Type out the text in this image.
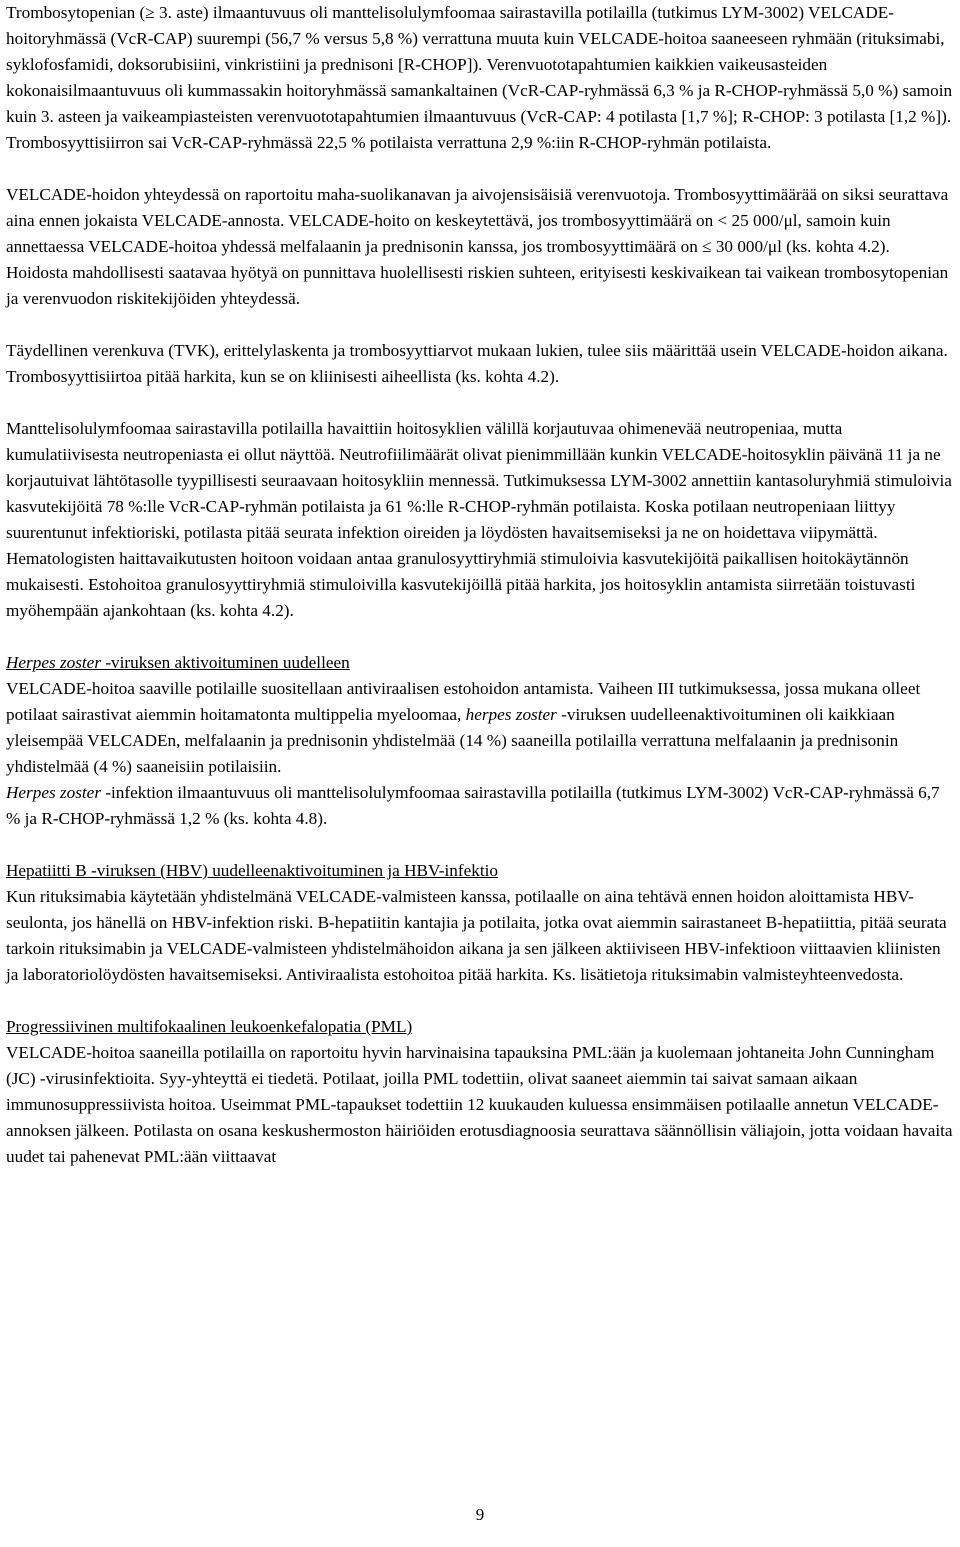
Trombosytopenian (≥ 3. aste) ilmaantuvuus oli manttelisolulymfoomaa sairastavilla potilailla (tutkimus LYM-3002) VELCADE-hoitoryhmässä (VcR-CAP) suurempi (56,7 % versus 5,8 %) verrattuna muuta kuin VELCADE-hoitoa saaneeseen ryhmään (rituksimabi, syklofosfamidi, doksorubisiini, vinkristiini ja prednisoni [R-CHOP]). Verenvuototapahtumien kaikkien vaikeusasteiden kokonaisilmaantuvuus oli kummassakin hoitoryhmässä samankaltainen (VcR-CAP-ryhmässä 6,3 % ja R-CHOP-ryhmässä 5,0 %) samoin kuin 3. asteen ja vaikeampiasteisten verenvuototapahtumien ilmaantuvuus (VcR-CAP: 4 potilasta [1,7 %]; R-CHOP: 3 potilasta [1,2 %]). Trombosyyttisiirron sai VcR-CAP-ryhmässä 22,5 % potilaista verrattuna 2,9 %:iin R-CHOP-ryhmän potilaista.

VELCADE-hoidon yhteydessä on raportoitu maha-suolikanavan ja aivojensisäisiä verenvuotoja. Trombosyyttimäärää on siksi seurattava aina ennen jokaista VELCADE-annosta. VELCADE-hoito on keskeytettävä, jos trombosyyttimäärä on < 25 000/μl, samoin kuin annettaessa VELCADE-hoitoa yhdessä melfalaanin ja prednisonin kanssa, jos trombosyyttimäärä on ≤ 30 000/μl (ks. kohta 4.2). Hoidosta mahdollisesti saatavaa hyötyä on punnittava huolellisesti riskien suhteen, erityisesti keskivaikean tai vaikean trombosytopenian ja verenvuodon riskitekijöiden yhteydessä.

Täydellinen verenkuva (TVK), erittelylaskenta ja trombosyyttiarvot mukaan lukien, tulee siis määrittää usein VELCADE-hoidon aikana. Trombosyyttisiirtoa pitää harkita, kun se on kliinisesti aiheellista (ks. kohta 4.2).

Manttelisolulymfoomaa sairastavilla potilailla havaittiin hoitosyklien välillä korjautuvaa ohimenevää neutropeniaa, mutta kumulatiivisesta neutropeniasta ei ollut näyttöä. Neutrofiilimäärät olivat pienimmillään kunkin VELCADE-hoitosyklin päivänä 11 ja ne korjautuivat lähtötasolle tyypillisesti seuraavaan hoitosykliin mennessä. Tutkimuksessa LYM-3002 annettiin kantasoluryhmiä stimuloivia kasvutekijöitä 78 %:lle VcR-CAP-ryhmän potilaista ja 61 %:lle R-CHOP-ryhmän potilaista. Koska potilaan neutropeniaan liittyy suurentunut infektioriski, potilasta pitää seurata infektion oireiden ja löydösten havaitsemiseksi ja ne on hoidettava viipymättä. Hematologisten haittavaikutusten hoitoon voidaan antaa granulosyyttiryhmiä stimuloivia kasvutekijöitä paikallisen hoitokäytännön mukaisesti. Estohoitoa granulosyyttiryhmiä stimuloivilla kasvutekijöillä pitää harkita, jos hoitosyklin antamista siirretään toistuvasti myöhempään ajankohtaan (ks. kohta 4.2).

Herpes zoster -viruksen aktivoituminen uudelleen

VELCADE-hoitoa saaville potilaille suositellaan antiviraalisen estohoidon antamista. Vaiheen III tutkimuksessa, jossa mukana olleet potilaat sairastivat aiemmin hoitamatonta multippelia myeloomaa, herpes zoster -viruksen uudelleenaktivoituminen oli kaikkiaan yleisempää VELCADEn, melfalaanin ja prednisonin yhdistelmää (14 %) saaneilla potilailla verrattuna melfalaanin ja prednisonin yhdistelmää (4 %) saaneisiin potilaisiin.

Herpes zoster -infektion ilmaantuvuus oli manttelisolulymfoomaa sairastavilla potilailla (tutkimus LYM-3002) VcR-CAP-ryhmässä 6,7 % ja R-CHOP-ryhmässä 1,2 % (ks. kohta 4.8).

Hepatiitti B -viruksen (HBV) uudelleenaktivoituminen ja HBV-infektio

Kun rituksimabia käytetään yhdistelmänä VELCADE-valmisteen kanssa, potilaalle on aina tehtävä ennen hoidon aloittamista HBV-seulonta, jos hänellä on HBV-infektion riski. B-hepatiitin kantajia ja potilaita, jotka ovat aiemmin sairastaneet B-hepatiittia, pitää seurata tarkoin rituksimabin ja VELCADE-valmisteen yhdistelmähoidon aikana ja sen jälkeen aktiiviseen HBV-infektioon viittaavien kliinisten ja laboratoriolöydösten havaitsemiseksi. Antiviraalista estohoitoa pitää harkita. Ks. lisätietoja rituksimabin valmisteyhteenvedosta.

Progressiivinen multifokaalinen leukoenkefalopatia (PML)

VELCADE-hoitoa saaneilla potilailla on raportoitu hyvin harvinaisina tapauksina PML:ään ja kuolemaan johtaneita John Cunningham (JC) -virusinfektioita. Syy-yhteyttä ei tiedetä. Potilaat, joilla PML todettiin, olivat saaneet aiemmin tai saivat samaan aikaan immunosuppressiivista hoitoa. Useimmat PML-tapaukset todettiin 12 kuukauden kuluessa ensimmäisen potilaalle annetun VELCADE-annoksen jälkeen. Potilasta on osana keskushermoston häiriöiden erotusdiagnoosia seurattava säännöllisin väliajoin, jotta voidaan havaita uudet tai pahenevat PML:ään viittaavat

9
